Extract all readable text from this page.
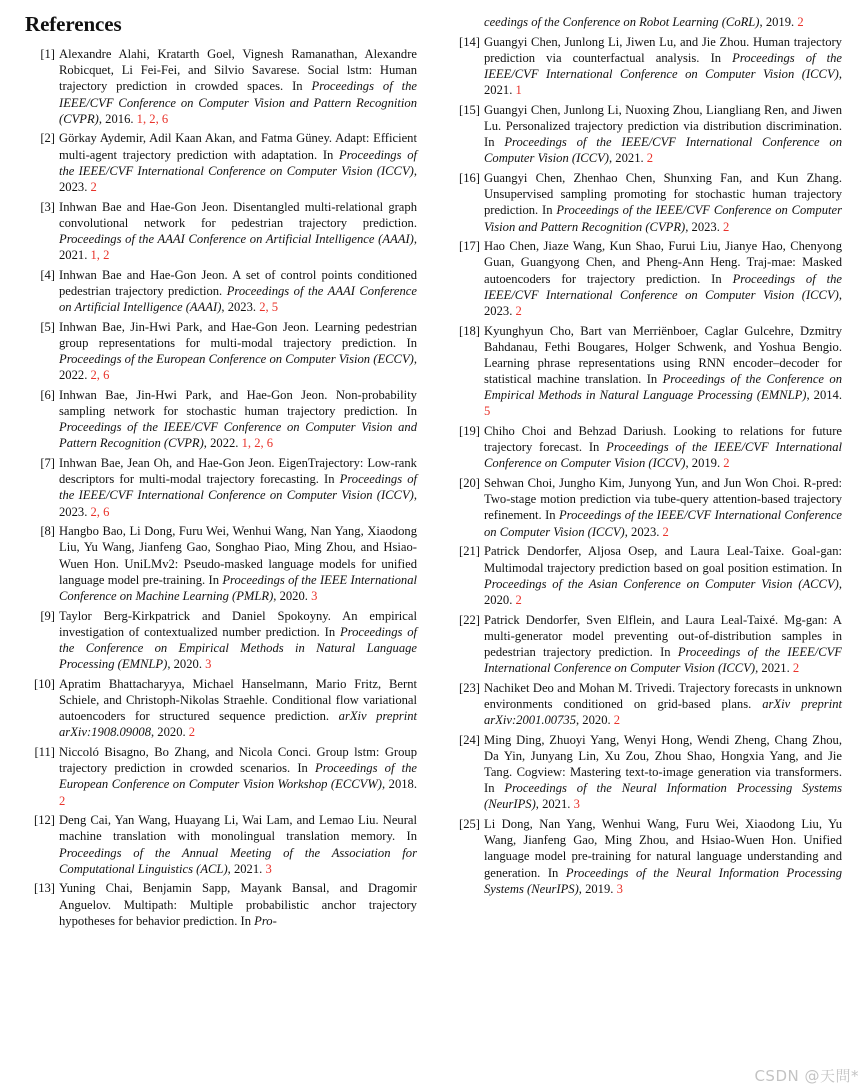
References
[1] Alexandre Alahi, Kratarth Goel, Vignesh Ramanathan, Alexandre Robicquet, Li Fei-Fei, and Silvio Savarese. Social lstm: Human trajectory prediction in crowded spaces. In Proceedings of the IEEE/CVF Conference on Computer Vision and Pattern Recognition (CVPR), 2016. 1, 2, 6
[2] Görkay Aydemir, Adil Kaan Akan, and Fatma Güney. Adapt: Efficient multi-agent trajectory prediction with adaptation. In Proceedings of the IEEE/CVF International Conference on Computer Vision (ICCV), 2023. 2
[3] Inhwan Bae and Hae-Gon Jeon. Disentangled multi-relational graph convolutional network for pedestrian trajectory prediction. Proceedings of the AAAI Conference on Artificial Intelligence (AAAI), 2021. 1, 2
[4] Inhwan Bae and Hae-Gon Jeon. A set of control points conditioned pedestrian trajectory prediction. Proceedings of the AAAI Conference on Artificial Intelligence (AAAI), 2023. 2, 5
[5] Inhwan Bae, Jin-Hwi Park, and Hae-Gon Jeon. Learning pedestrian group representations for multi-modal trajectory prediction. In Proceedings of the European Conference on Computer Vision (ECCV), 2022. 2, 6
[6] Inhwan Bae, Jin-Hwi Park, and Hae-Gon Jeon. Non-probability sampling network for stochastic human trajectory prediction. In Proceedings of the IEEE/CVF Conference on Computer Vision and Pattern Recognition (CVPR), 2022. 1, 2, 6
[7] Inhwan Bae, Jean Oh, and Hae-Gon Jeon. EigenTrajectory: Low-rank descriptors for multi-modal trajectory forecasting. In Proceedings of the IEEE/CVF International Conference on Computer Vision (ICCV), 2023. 2, 6
[8] Hangbo Bao, Li Dong, Furu Wei, Wenhui Wang, Nan Yang, Xiaodong Liu, Yu Wang, Jianfeng Gao, Songhao Piao, Ming Zhou, and Hsiao-Wuen Hon. UniLMv2: Pseudo-masked language models for unified language model pre-training. In Proceedings of the IEEE International Conference on Machine Learning (PMLR), 2020. 3
[9] Taylor Berg-Kirkpatrick and Daniel Spokoyny. An empirical investigation of contextualized number prediction. In Proceedings of the Conference on Empirical Methods in Natural Language Processing (EMNLP), 2020. 3
[10] Apratim Bhattacharyya, Michael Hanselmann, Mario Fritz, Bernt Schiele, and Christoph-Nikolas Straehle. Conditional flow variational autoencoders for structured sequence prediction. arXiv preprint arXiv:1908.09008, 2020. 2
[11] Niccoló Bisagno, Bo Zhang, and Nicola Conci. Group lstm: Group trajectory prediction in crowded scenarios. In Proceedings of the European Conference on Computer Vision Workshop (ECCVW), 2018. 2
[12] Deng Cai, Yan Wang, Huayang Li, Wai Lam, and Lemao Liu. Neural machine translation with monolingual translation memory. In Proceedings of the Annual Meeting of the Association for Computational Linguistics (ACL), 2021. 3
[13] Yuning Chai, Benjamin Sapp, Mayank Bansal, and Dragomir Anguelov. Multipath: Multiple probabilistic anchor trajectory hypotheses for behavior prediction. In Pro-
ceedings of the Conference on Robot Learning (CoRL), 2019. 2
[14] Guangyi Chen, Junlong Li, Jiwen Lu, and Jie Zhou. Human trajectory prediction via counterfactual analysis. In Proceedings of the IEEE/CVF International Conference on Computer Vision (ICCV), 2021. 1
[15] Guangyi Chen, Junlong Li, Nuoxing Zhou, Liangliang Ren, and Jiwen Lu. Personalized trajectory prediction via distribution discrimination. In Proceedings of the IEEE/CVF International Conference on Computer Vision (ICCV), 2021. 2
[16] Guangyi Chen, Zhenhao Chen, Shunxing Fan, and Kun Zhang. Unsupervised sampling promoting for stochastic human trajectory prediction. In Proceedings of the IEEE/CVF Conference on Computer Vision and Pattern Recognition (CVPR), 2023. 2
[17] Hao Chen, Jiaze Wang, Kun Shao, Furui Liu, Jianye Hao, Chenyong Guan, Guangyong Chen, and Pheng-Ann Heng. Traj-mae: Masked autoencoders for trajectory prediction. In Proceedings of the IEEE/CVF International Conference on Computer Vision (ICCV), 2023. 2
[18] Kyunghyun Cho, Bart van Merriënboer, Caglar Gulcehre, Dzmitry Bahdanau, Fethi Bougares, Holger Schwenk, and Yoshua Bengio. Learning phrase representations using RNN encoder–decoder for statistical machine translation. In Proceedings of the Conference on Empirical Methods in Natural Language Processing (EMNLP), 2014. 5
[19] Chiho Choi and Behzad Dariush. Looking to relations for future trajectory forecast. In Proceedings of the IEEE/CVF International Conference on Computer Vision (ICCV), 2019. 2
[20] Sehwan Choi, Jungho Kim, Junyong Yun, and Jun Won Choi. R-pred: Two-stage motion prediction via tube-query attention-based trajectory refinement. In Proceedings of the IEEE/CVF International Conference on Computer Vision (ICCV), 2023. 2
[21] Patrick Dendorfer, Aljosa Osep, and Laura Leal-Taixe. Goal-gan: Multimodal trajectory prediction based on goal position estimation. In Proceedings of the Asian Conference on Computer Vision (ACCV), 2020. 2
[22] Patrick Dendorfer, Sven Elflein, and Laura Leal-Taixé. Mg-gan: A multi-generator model preventing out-of-distribution samples in pedestrian trajectory prediction. In Proceedings of the IEEE/CVF International Conference on Computer Vision (ICCV), 2021. 2
[23] Nachiket Deo and Mohan M. Trivedi. Trajectory forecasts in unknown environments conditioned on grid-based plans. arXiv preprint arXiv:2001.00735, 2020. 2
[24] Ming Ding, Zhuoyi Yang, Wenyi Hong, Wendi Zheng, Chang Zhou, Da Yin, Junyang Lin, Xu Zou, Zhou Shao, Hongxia Yang, and Jie Tang. Cogview: Mastering text-to-image generation via transformers. In Proceedings of the Neural Information Processing Systems (NeurIPS), 2021. 3
[25] Li Dong, Nan Yang, Wenhui Wang, Furu Wei, Xiaodong Liu, Yu Wang, Jianfeng Gao, Ming Zhou, and Hsiao-Wuen Hon. Unified language model pre-training for natural language understanding and generation. In Proceedings of the Neural Information Processing Systems (NeurIPS), 2019. 3
CSDN @天問*
